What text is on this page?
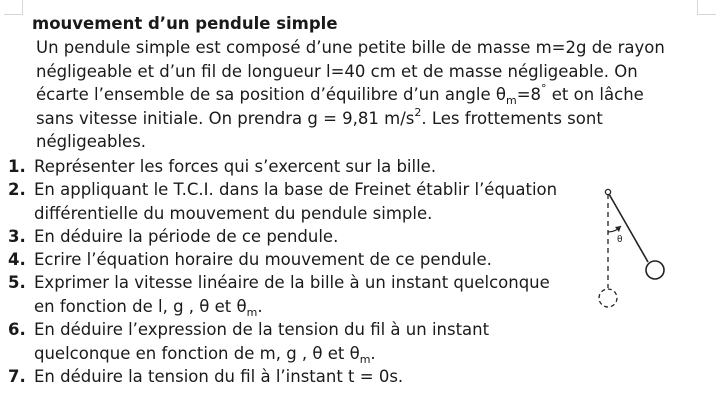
mouvement d’un pendule simple
Un pendule simple est composé d’une petite bille de masse m=2g de rayon
négligeable et d’un fil de longueur l=40 cm et de masse négligeable. On
écarte l’ensemble de sa position d’équilibre d’un angle $\theta_m=8^\circ$ et on lâche
sans vitesse initiale. On prendra g = 9,81 $m/s^2$. Les frottements sont
négligeables.
1. Représenter les forces qui s’exercent sur la bille.
2. En appliquant le T.C.I. dans la base de Freinet établir l’équation
différentielle du mouvement du pendule simple.
3. En déduire la période de ce pendule.
4. Ecrire l’équation horaire du mouvement de ce pendule.
5. Exprimer la vitesse linéaire de la bille à un instant quelconque
en fonction de l, g , θ et $\theta_m$.
6. En déduire l’expression de la tension du fil à un instant
quelconque en fonction de m, g , θ et $\theta_m$.
7. En déduire la tension du fil à l’instant t = 0s.
θ
